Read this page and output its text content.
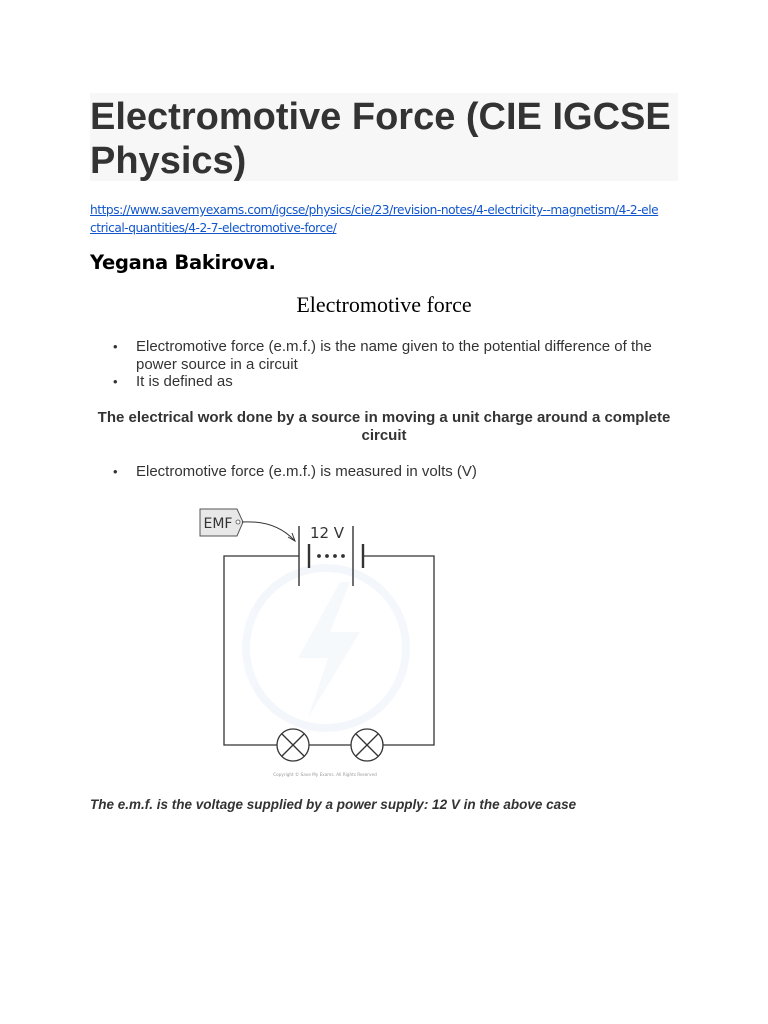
Electromotive Force (CIE IGCSE Physics)
https://www.savemyexams.com/igcse/physics/cie/23/revision-notes/4-electricity--magnetism/4-2-electrical-quantities/4-2-7-electromotive-force/
Yegana Bakirova.
Electromotive force
• Electromotive force (e.m.f.) is the name given to the potential difference of the power source in a circuit
• It is defined as
The electrical work done by a source in moving a unit charge around a complete circuit
• Electromotive force (e.m.f.) is measured in volts (V)
EMF	12 V
Copyright © Save My Exams. All Rights Reserved
The e.m.f. is the voltage supplied by a power supply: 12 V in the above case
